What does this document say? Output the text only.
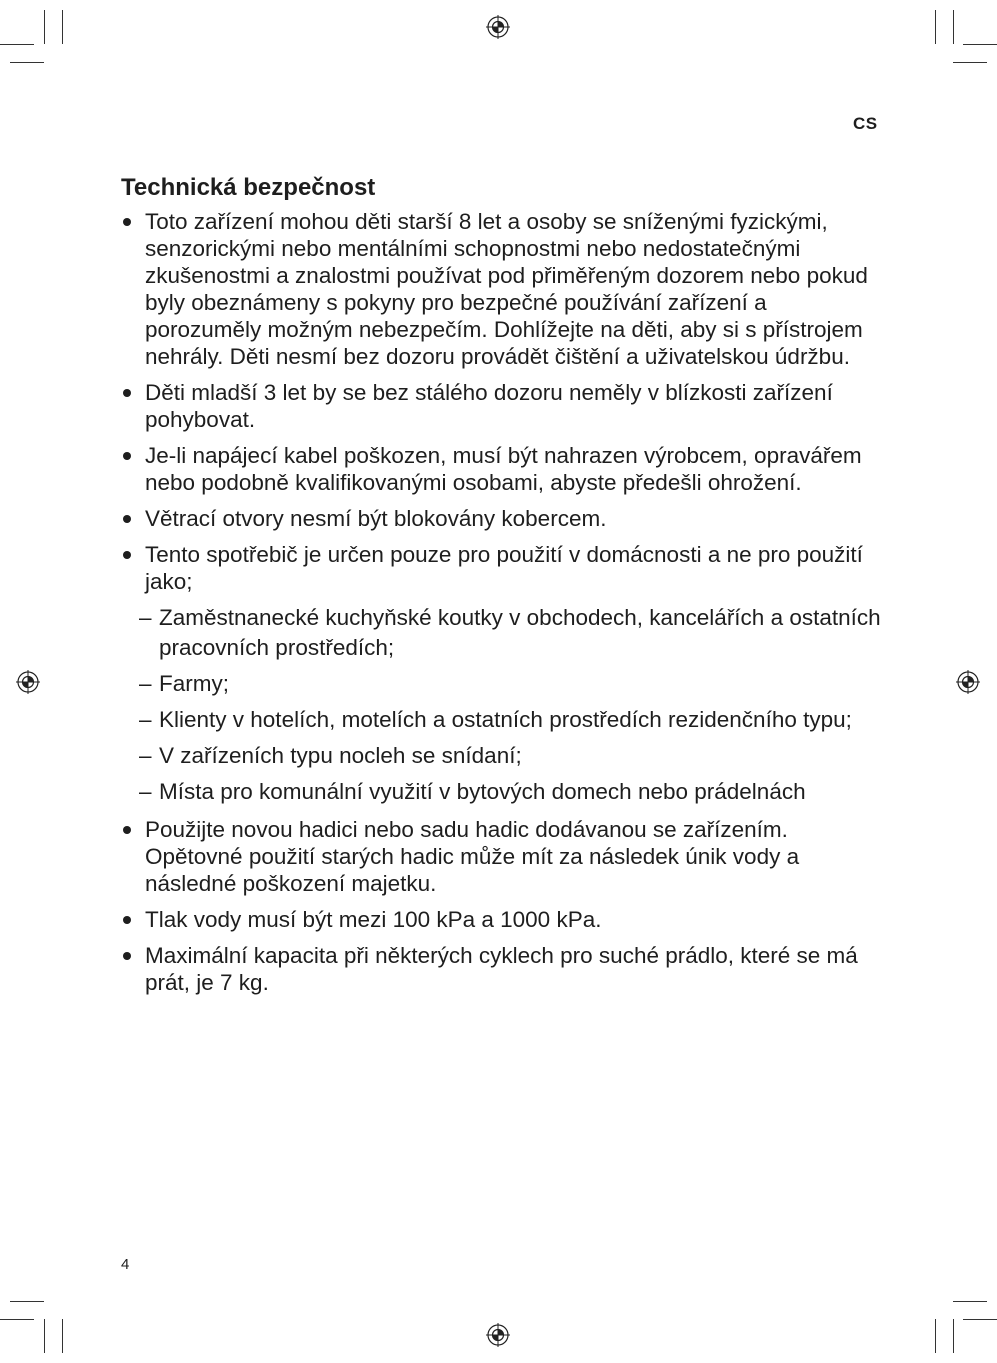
CS
Technická bezpečnost
Toto zařízení mohou děti starší 8 let a osoby se sníženými fyzickými, senzorickými nebo mentálními schopnostmi nebo nedostatečnými zkušenostmi a znalostmi používat pod přiměřeným dozorem nebo pokud byly obeznámeny s pokyny pro bezpečné používání zařízení a porozuměly možným nebezpečím. Dohlížejte na děti, aby si s přístrojem nehrály. Děti nesmí bez dozoru provádět čištění a uživatelskou údržbu.
Děti mladší 3 let by se bez stálého dozoru neměly v blízkosti zařízení pohybovat.
Je-li napájecí kabel poškozen, musí být nahrazen výrobcem, opravářem nebo podobně kvalifikovanými osobami, abyste předešli ohrožení.
Větrací otvory nesmí být blokovány kobercem.
Tento spotřebič je určen pouze pro použití v domácnosti a ne pro použití jako;
– Zaměstnanecké kuchyňské koutky v obchodech, kancelářích a ostatních pracovních prostředích;
– Farmy;
– Klienty v hotelích, motelích a ostatních prostředích rezidenčního typu;
– V zařízeních typu nocleh se snídaní;
– Místa pro komunální využití v bytových domech nebo prádelnách
Použijte novou hadici nebo sadu hadic dodávanou se zařízením. Opětovné použití starých hadic může mít za následek únik vody a následné poškození majetku.
Tlak vody musí být mezi 100 kPa a 1000 kPa.
Maximální kapacita při některých cyklech pro suché prádlo, které se má prát, je 7 kg.
4
